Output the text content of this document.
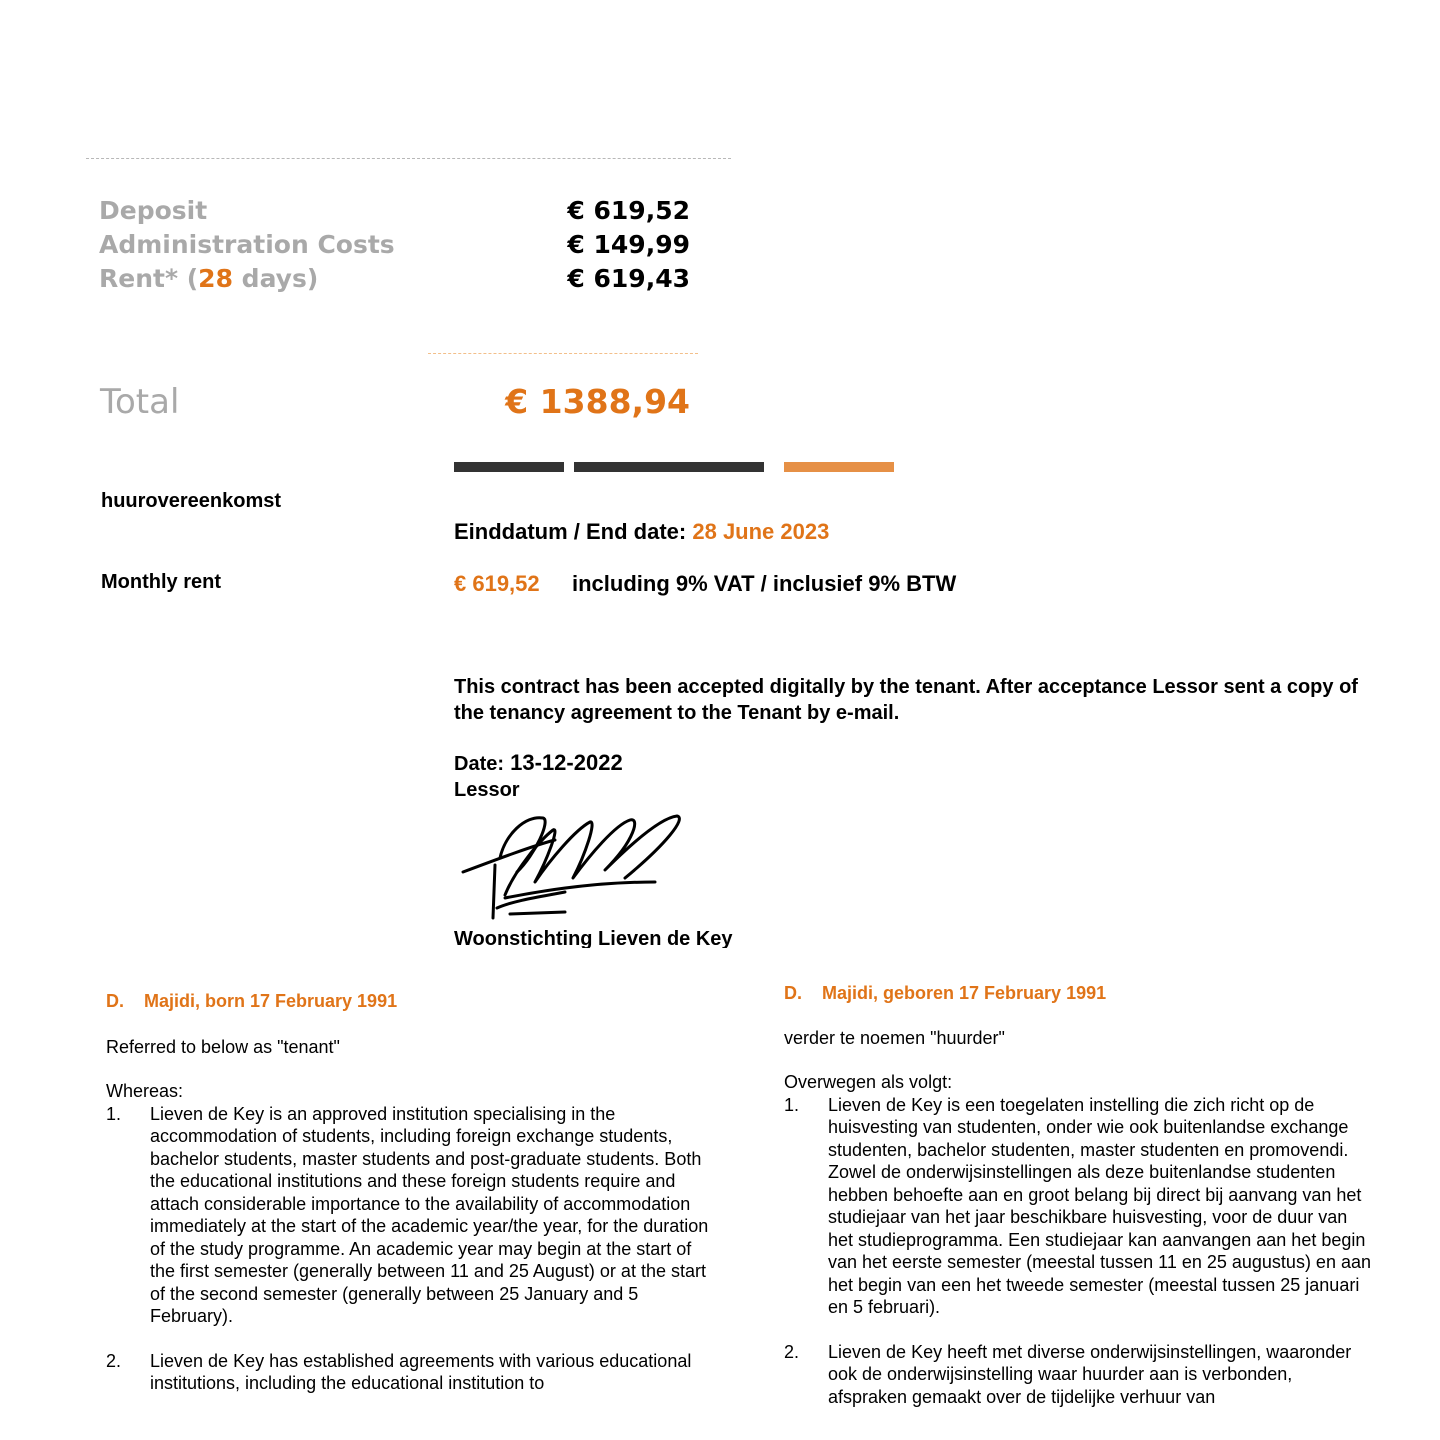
Deposit	€ 619,52
Administration Costs	€ 149,99
Rent* (28 days)	€ 619,43
Total	€ 1388,94
huurovereenkomst
Einddatum / End date: 28 June 2023
Monthly rent	€ 619,52 including 9% VAT / inclusief 9% BTW
This contract has been accepted digitally by the tenant. After acceptance Lessor sent a copy of the tenancy agreement to the Tenant by e-mail.
Date: 13-12-2022
Lessor
Woonstichting Lieven de Key
D. Majidi, born 17 February 1991
Referred to below as "tenant"
Whereas:
1. Lieven de Key is an approved institution specialising in the accommodation of students, including foreign exchange students, bachelor students, master students and post-graduate students. Both the educational institutions and these foreign students require and attach considerable importance to the availability of accommodation immediately at the start of the academic year/the year, for the duration of the study programme. An academic year may begin at the start of the first semester (generally between 11 and 25 August) or at the start of the second semester (generally between 25 January and 5 February).
2. Lieven de Key has established agreements with various educational institutions, including the educational institution to
D. Majidi, geboren 17 February 1991
verder te noemen "huurder"
Overwegen als volgt:
1. Lieven de Key is een toegelaten instelling die zich richt op de huisvesting van studenten, onder wie ook buitenlandse exchange studenten, bachelor studenten, master studenten en promovendi. Zowel de onderwijsinstellingen als deze buitenlandse studenten hebben behoefte aan en groot belang bij direct bij aanvang van het studiejaar van het jaar beschikbare huisvesting, voor de duur van het studieprogramma. Een studiejaar kan aanvangen aan het begin van het eerste semester (meestal tussen 11 en 25 augustus) en aan het begin van een het tweede semester (meestal tussen 25 januari en 5 februari).
2. Lieven de Key heeft met diverse onderwijsinstellingen, waaronder ook de onderwijsinstelling waar huurder aan is verbonden, afspraken gemaakt over de tijdelijke verhuur van
